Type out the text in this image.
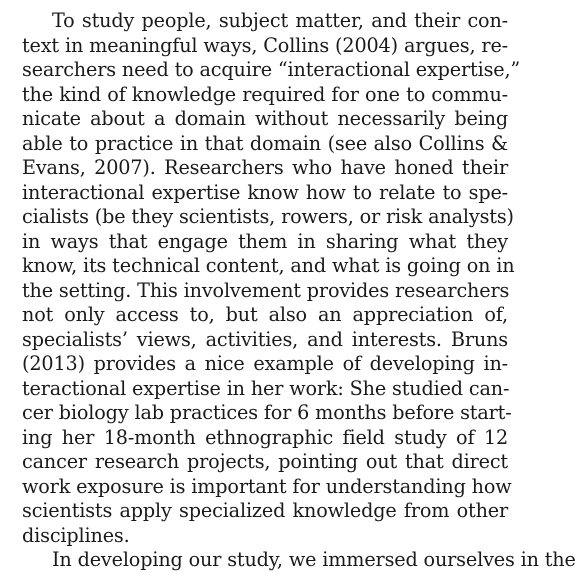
To study people, subject matter, and their con-
text in meaningful ways, Collins (2004) argues, re-
searchers need to acquire “interactional expertise,”
the kind of knowledge required for one to commu-
nicate about a domain without necessarily being
able to practice in that domain (see also Collins &
Evans, 2007). Researchers who have honed their
interactional expertise know how to relate to spe-
cialists (be they scientists, rowers, or risk analysts)
in ways that engage them in sharing what they
know, its technical content, and what is going on in
the setting. This involvement provides researchers
not only access to, but also an appreciation of,
specialists’ views, activities, and interests. Bruns
(2013) provides a nice example of developing in-
teractional expertise in her work: She studied can-
cer biology lab practices for 6 months before start-
ing her 18-month ethnographic field study of 12
cancer research projects, pointing out that direct
work exposure is important for understanding how
scientists apply specialized knowledge from other
disciplines.
In developing our study, we immersed ourselves in the
